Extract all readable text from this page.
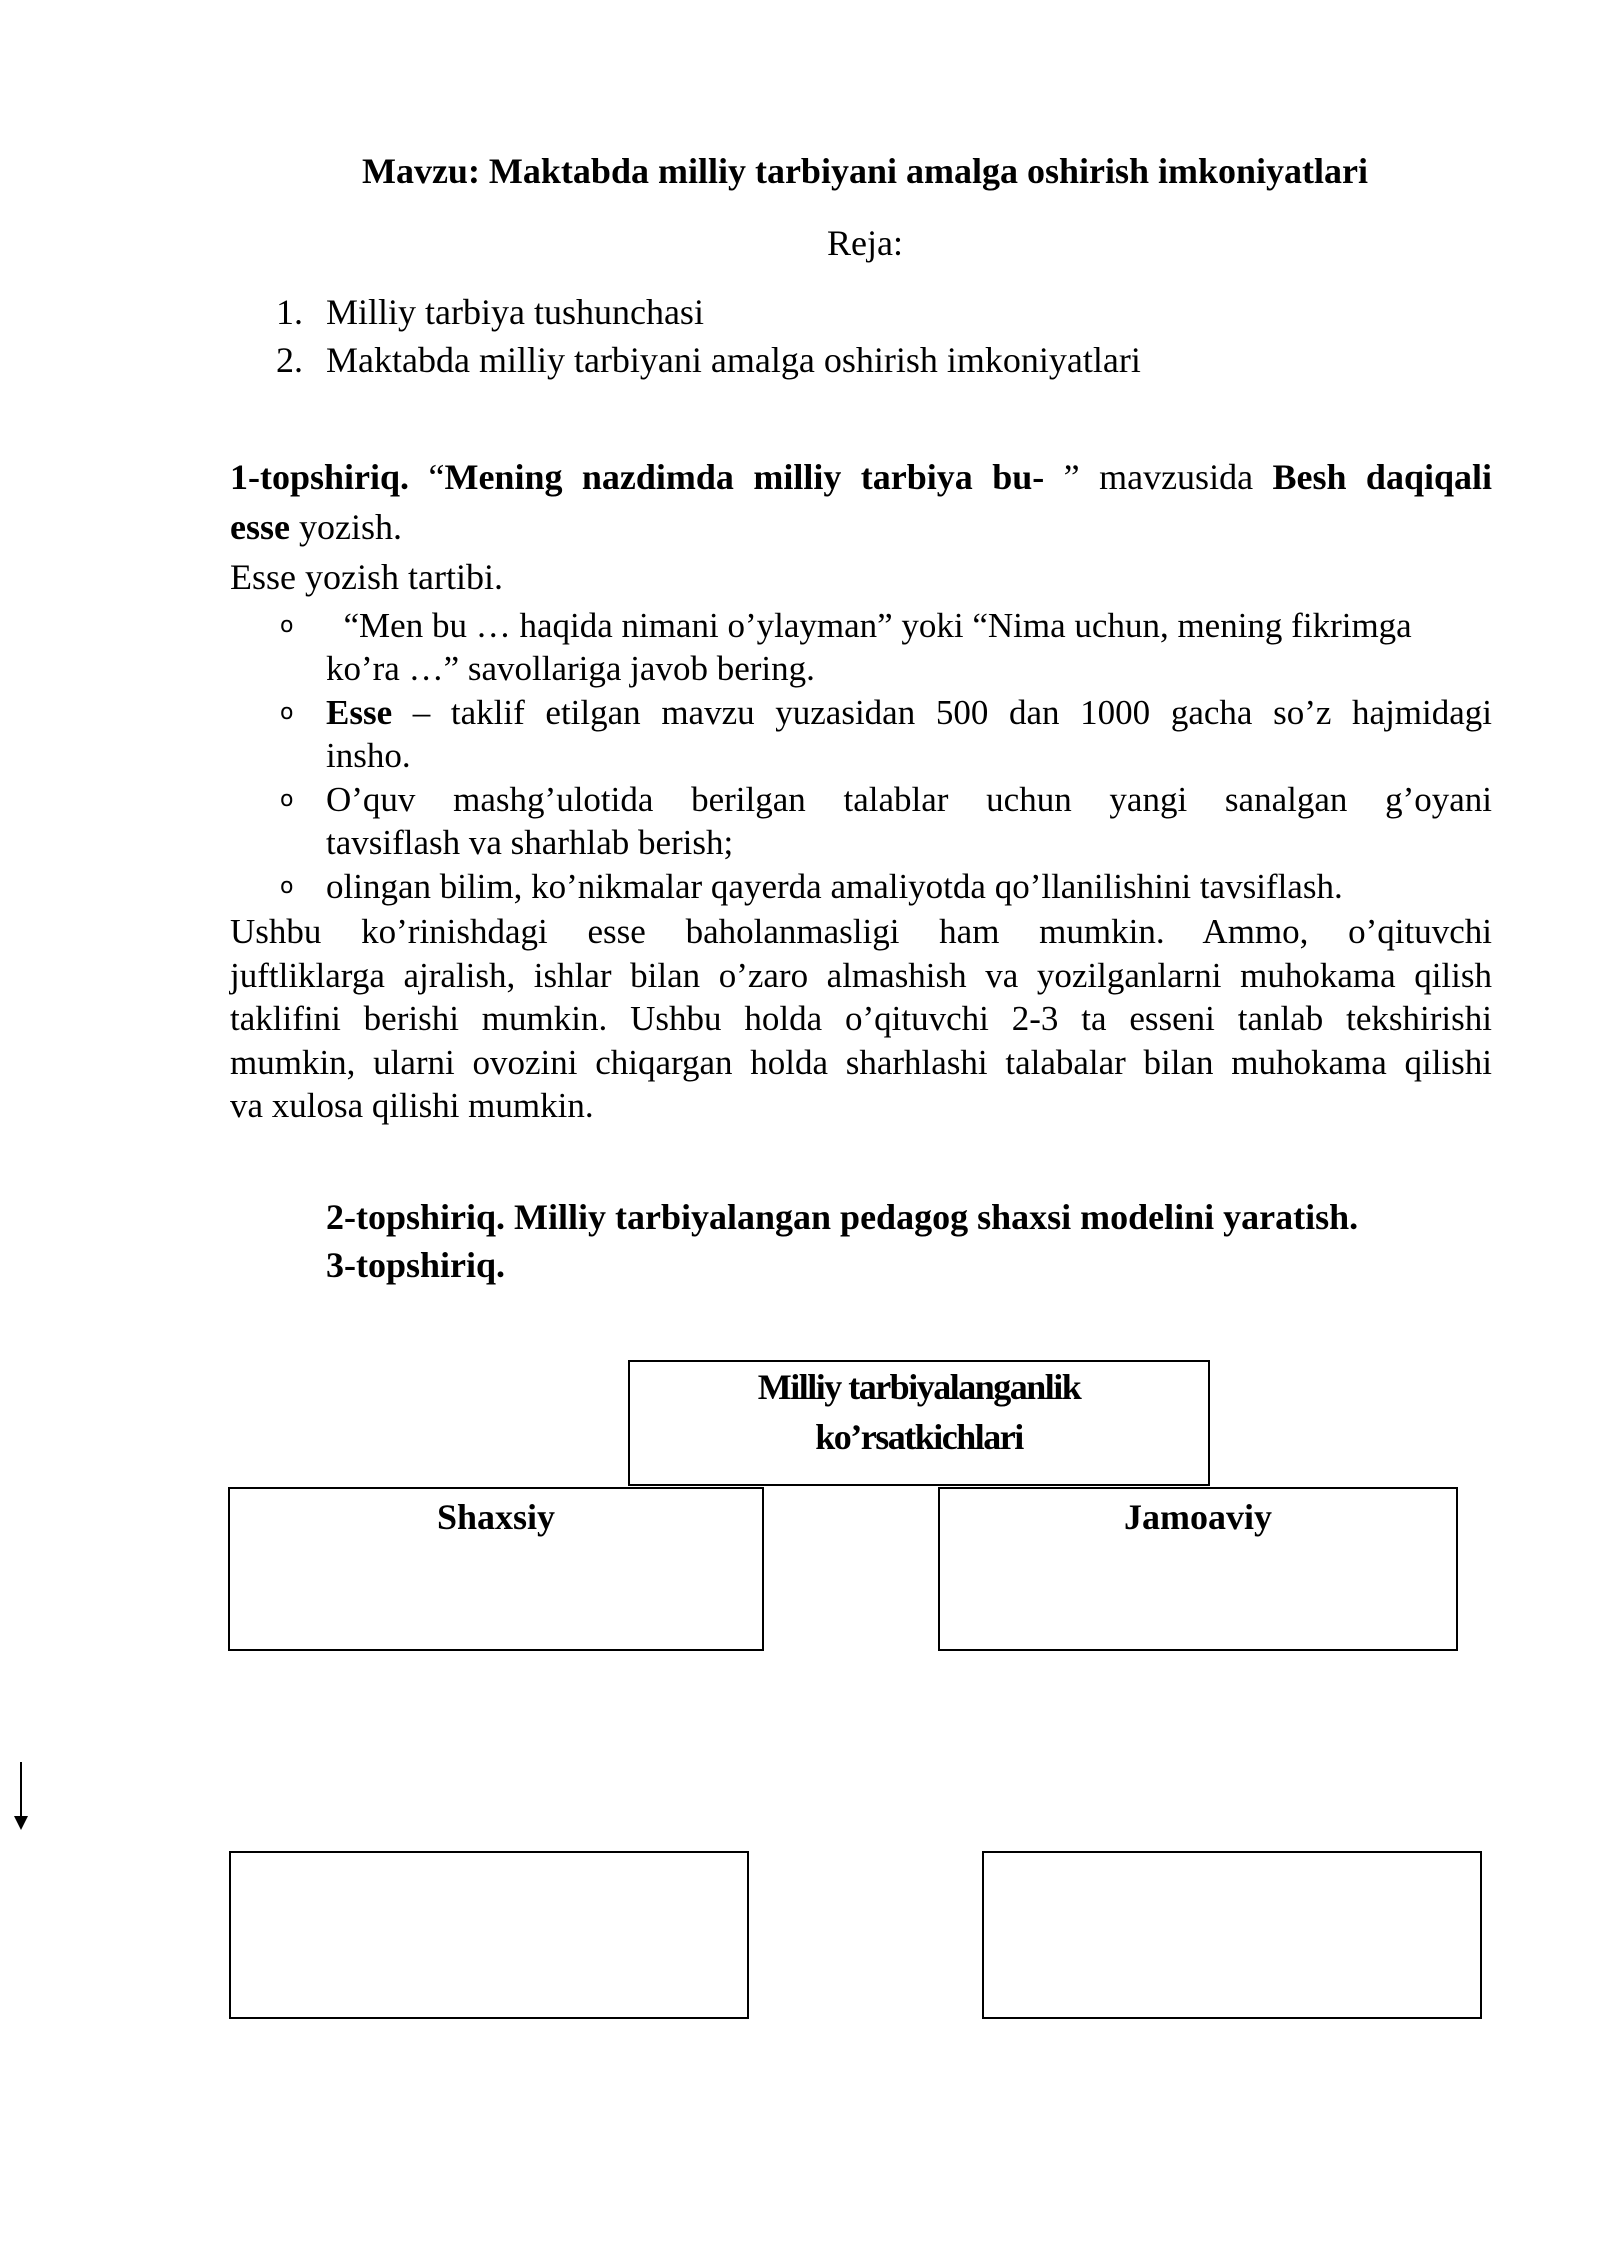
Mavzu: Maktabda milliy tarbiyani amalga oshirish imkoniyatlari
Reja:
1. Milliy tarbiya tushunchasi
2. Maktabda milliy tarbiyani amalga oshirish imkoniyatlari
1-topshiriq. “Mening nazdimda milliy tarbiya bu- ” mavzusida Besh daqiqali
esse yozish.
Esse yozish tartibi.
o “Men bu … haqida nimani o’ylayman” yoki “Nima uchun, mening fikrimga
ko’ra …” savollariga javob bering.
o Esse – taklif etilgan mavzu yuzasidan 500 dan 1000 gacha so’z hajmidagi
insho.
o O’quv mashg’ulotida berilgan talablar uchun yangi sanalgan g’oyani
tavsiflash va sharhlab berish;
o olingan bilim, ko’nikmalar qayerda amaliyotda qo’llanilishini tavsiflash.
Ushbu ko’rinishdagi esse baholanmasligi ham mumkin. Ammo, o’qituvchi
juftliklarga ajralish, ishlar bilan o’zaro almashish va yozilganlarni muhokama qilish
taklifini berishi mumkin. Ushbu holda o’qituvchi 2-3 ta esseni tanlab tekshirishi
mumkin, ularni ovozini chiqargan holda sharhlashi talabalar bilan muhokama qilishi
va xulosa qilishi mumkin.
2-topshiriq. Milliy tarbiyalangan pedagog shaxsi modelini yaratish.
3-topshiriq.
Milliy tarbiyalanganlik
ko’rsatkichlari
Shaxsiy	Jamoaviy
